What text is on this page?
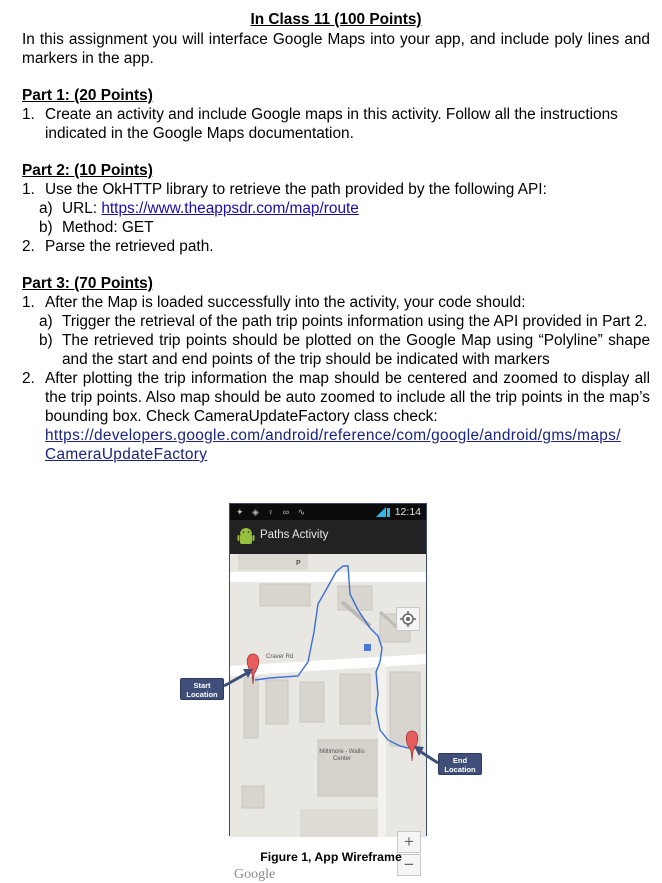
In Class 11 (100 Points)

In this assignment you will interface Google Maps into your app, and include poly lines and markers in the app.

Part 1: (20 Points)

1. Create an activity and include Google maps in this activity. Follow all the instructions indicated in the Google Maps documentation.

Part 2: (10 Points)

1. Use the OkHTTP library to retrieve the path provided by the following API:
a) URL: https://www.theappsdr.com/map/route
b) Method: GET
2. Parse the retrieved path.

Part 3: (70 Points)

1. After the Map is loaded successfully into the activity, your code should:
a) Trigger the retrieval of the path trip points information using the API provided in Part 2.
b) The retrieved trip points should be plotted on the Google Map using “Polyline” shape and the start and end points of the trip should be indicated with markers
2. After plotting the trip information the map should be centered and zoomed to display all the trip points. Also map should be auto zoomed to include all the trip points in the map’s bounding box. Check CameraUpdateFactory class check:
https://developers.google.com/android/reference/com/google/android/gms/maps/
CameraUpdateFactory
✦ ◈ ♀ ∞ ∿	12:14
Paths Activity
P
Craver Rd
Miltimore - Wallis Center
+
−
Google
Start Location
End Location
Figure 1, App Wireframe
